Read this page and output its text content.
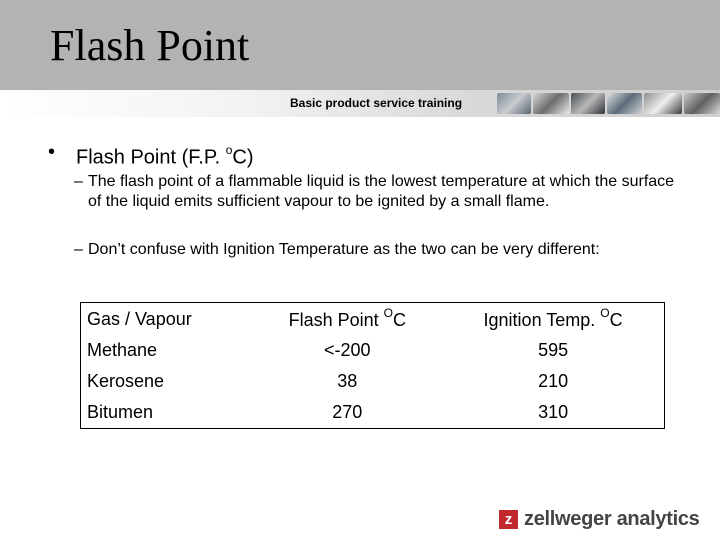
Flash Point
Basic product service training
•	Flash Point (F.P. $^o$C)
– The flash point of a flammable liquid is the lowest temperature at which the surface of the liquid emits sufficient vapour to be ignited by a small flame.
– Don’t confuse with Ignition Temperature as the two can be very different:
Gas / Vapour	Flash Point $^O$C	Ignition Temp. $^O$C
Methane	<-200	595
Kerosene	38	210
Bitumen	270	310
z zellweger analytics
